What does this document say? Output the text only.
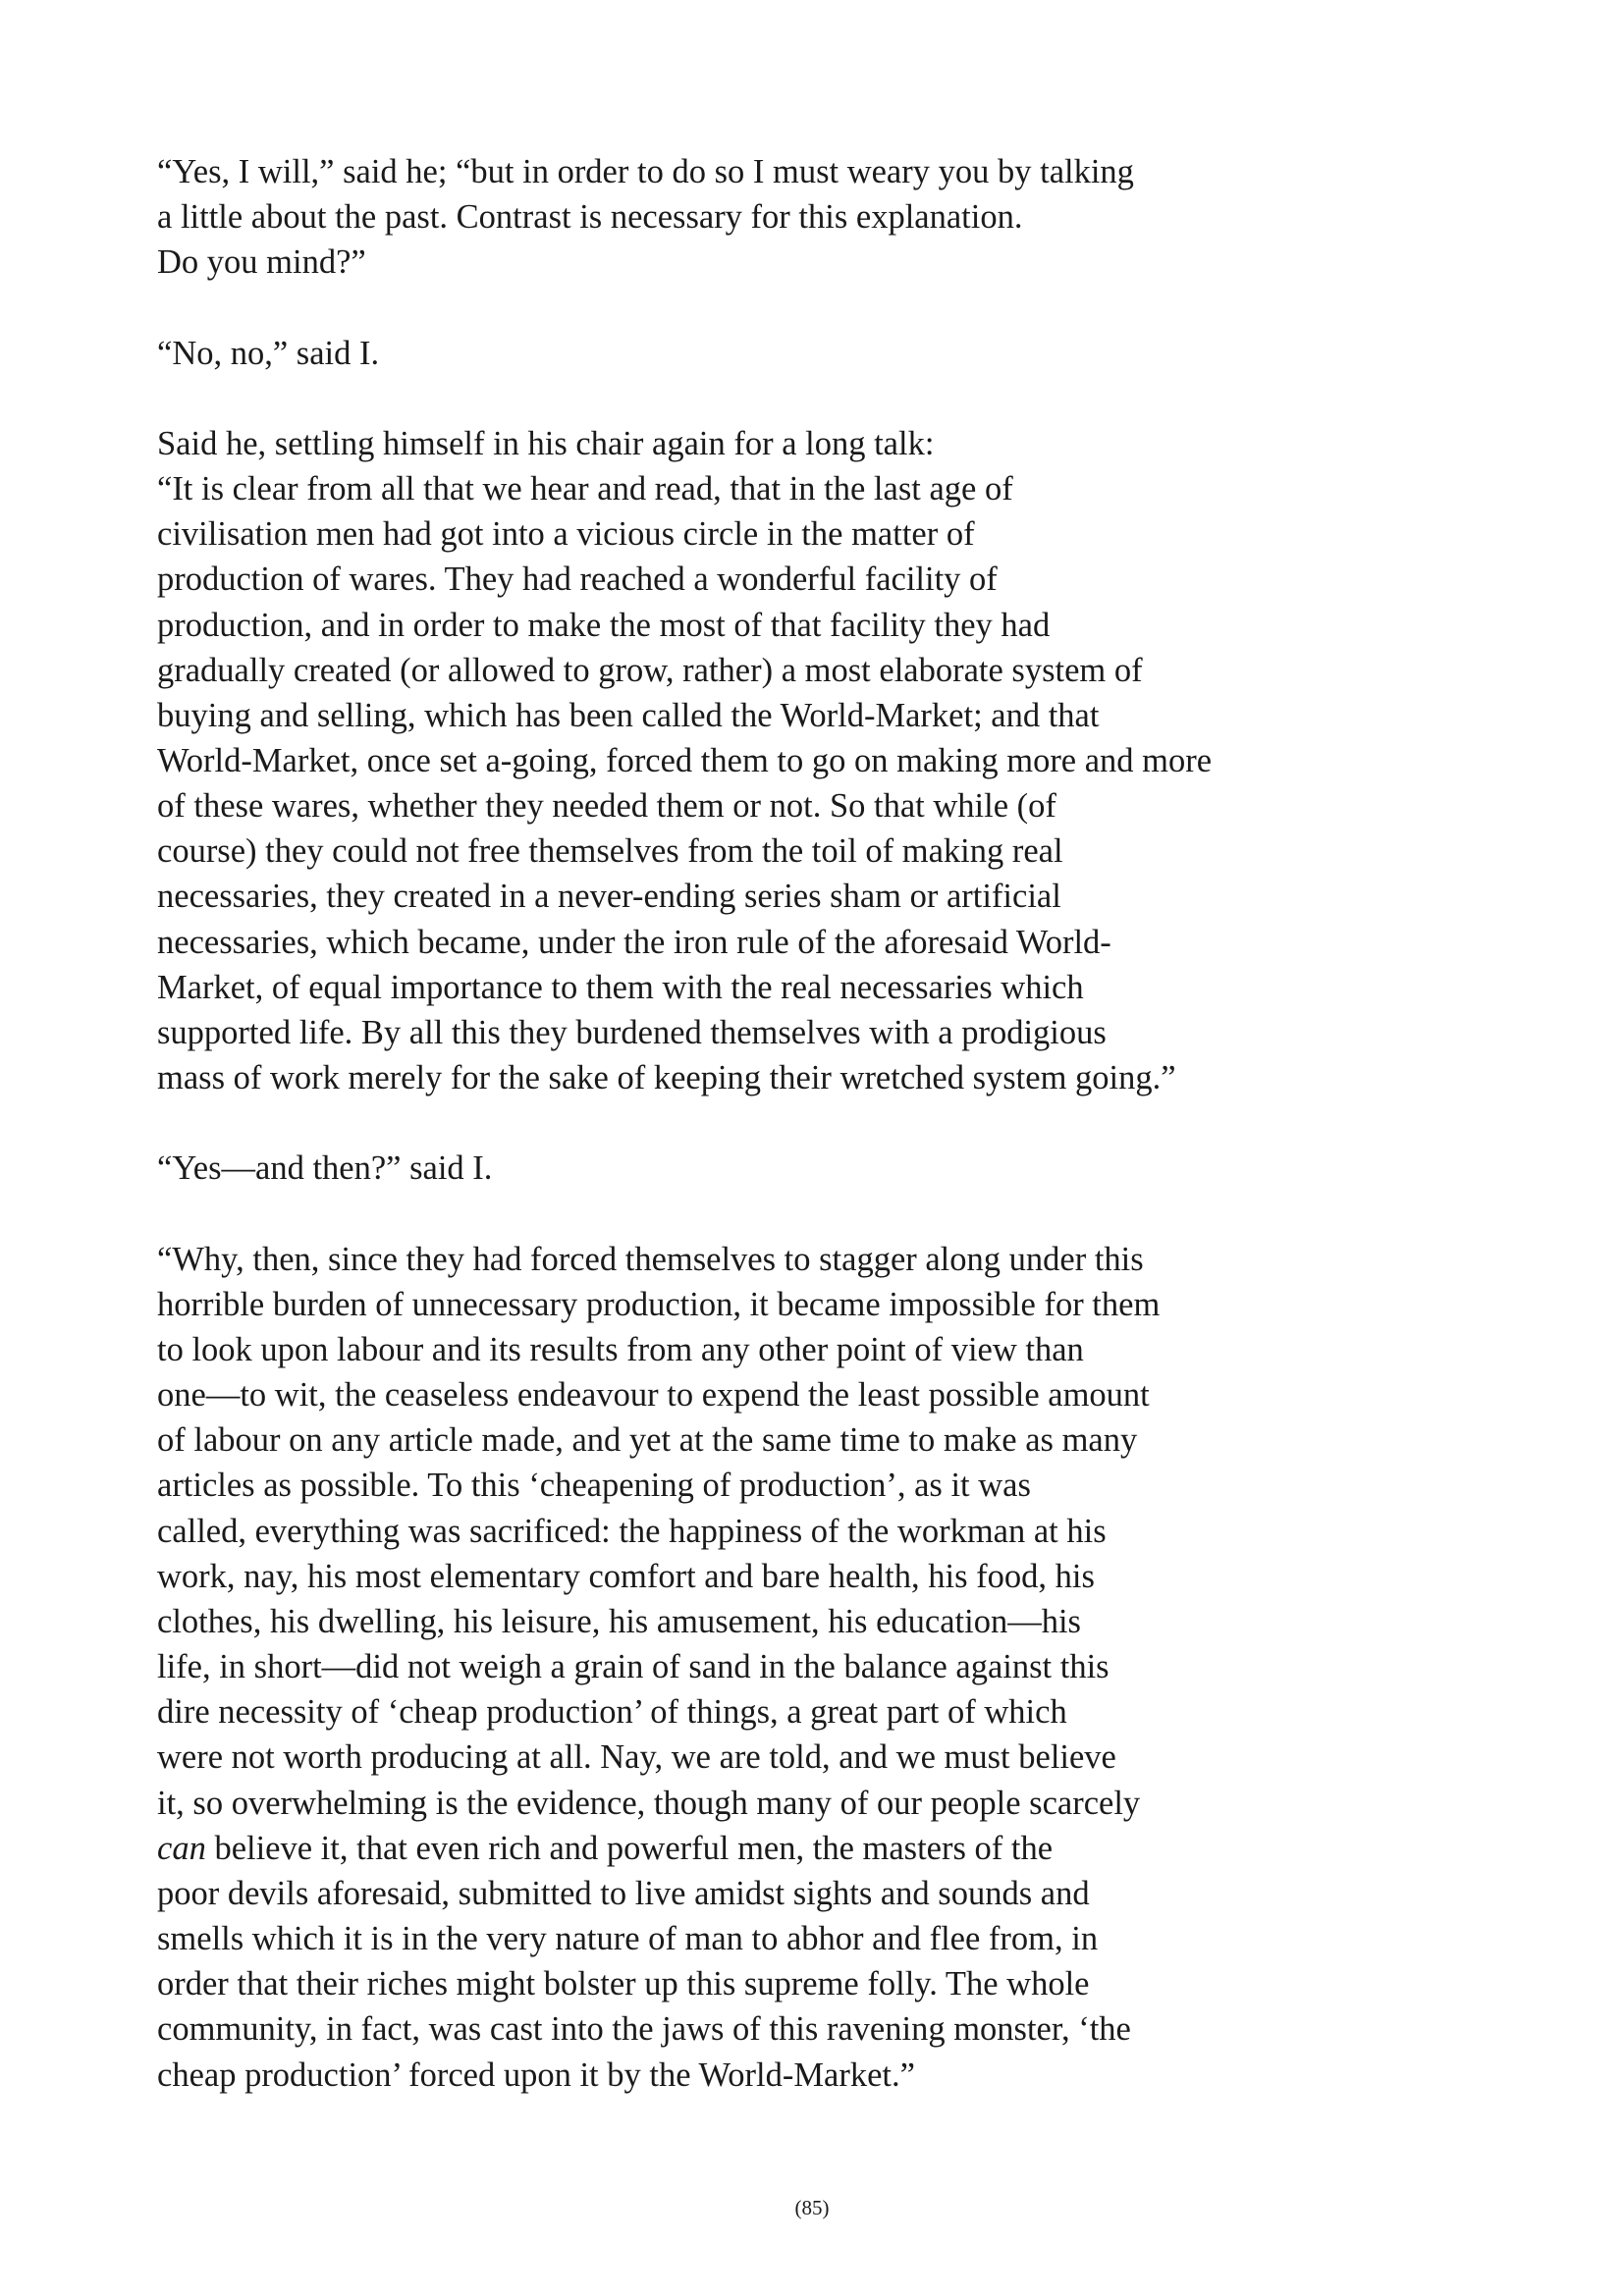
“Yes, I will,” said he; “but in order to do so I must weary you by talking
a little about the past. Contrast is necessary for this explanation.
Do you mind?”

“No, no,” said I.

Said he, settling himself in his chair again for a long talk:
“It is clear from all that we hear and read, that in the last age of
civilisation men had got into a vicious circle in the matter of
production of wares. They had reached a wonderful facility of
production, and in order to make the most of that facility they had
gradually created (or allowed to grow, rather) a most elaborate system of
buying and selling, which has been called the World-Market; and that
World-Market, once set a-going, forced them to go on making more and more
of these wares, whether they needed them or not. So that while (of
course) they could not free themselves from the toil of making real
necessaries, they created in a never-ending series sham or artificial
necessaries, which became, under the iron rule of the aforesaid World-
Market, of equal importance to them with the real necessaries which
supported life. By all this they burdened themselves with a prodigious
mass of work merely for the sake of keeping their wretched system going.”

“Yes—and then?” said I.

“Why, then, since they had forced themselves to stagger along under this
horrible burden of unnecessary production, it became impossible for them
to look upon labour and its results from any other point of view than
one—to wit, the ceaseless endeavour to expend the least possible amount
of labour on any article made, and yet at the same time to make as many
articles as possible. To this ‘cheapening of production’, as it was
called, everything was sacrificed: the happiness of the workman at his
work, nay, his most elementary comfort and bare health, his food, his
clothes, his dwelling, his leisure, his amusement, his education—his
life, in short—did not weigh a grain of sand in the balance against this
dire necessity of ‘cheap production’ of things, a great part of which
were not worth producing at all. Nay, we are told, and we must believe
it, so overwhelming is the evidence, though many of our people scarcely
can believe it, that even rich and powerful men, the masters of the
poor devils aforesaid, submitted to live amidst sights and sounds and
smells which it is in the very nature of man to abhor and flee from, in
order that their riches might bolster up this supreme folly. The whole
community, in fact, was cast into the jaws of this ravening monster, ‘the
cheap production’ forced upon it by the World-Market.”

(85)
